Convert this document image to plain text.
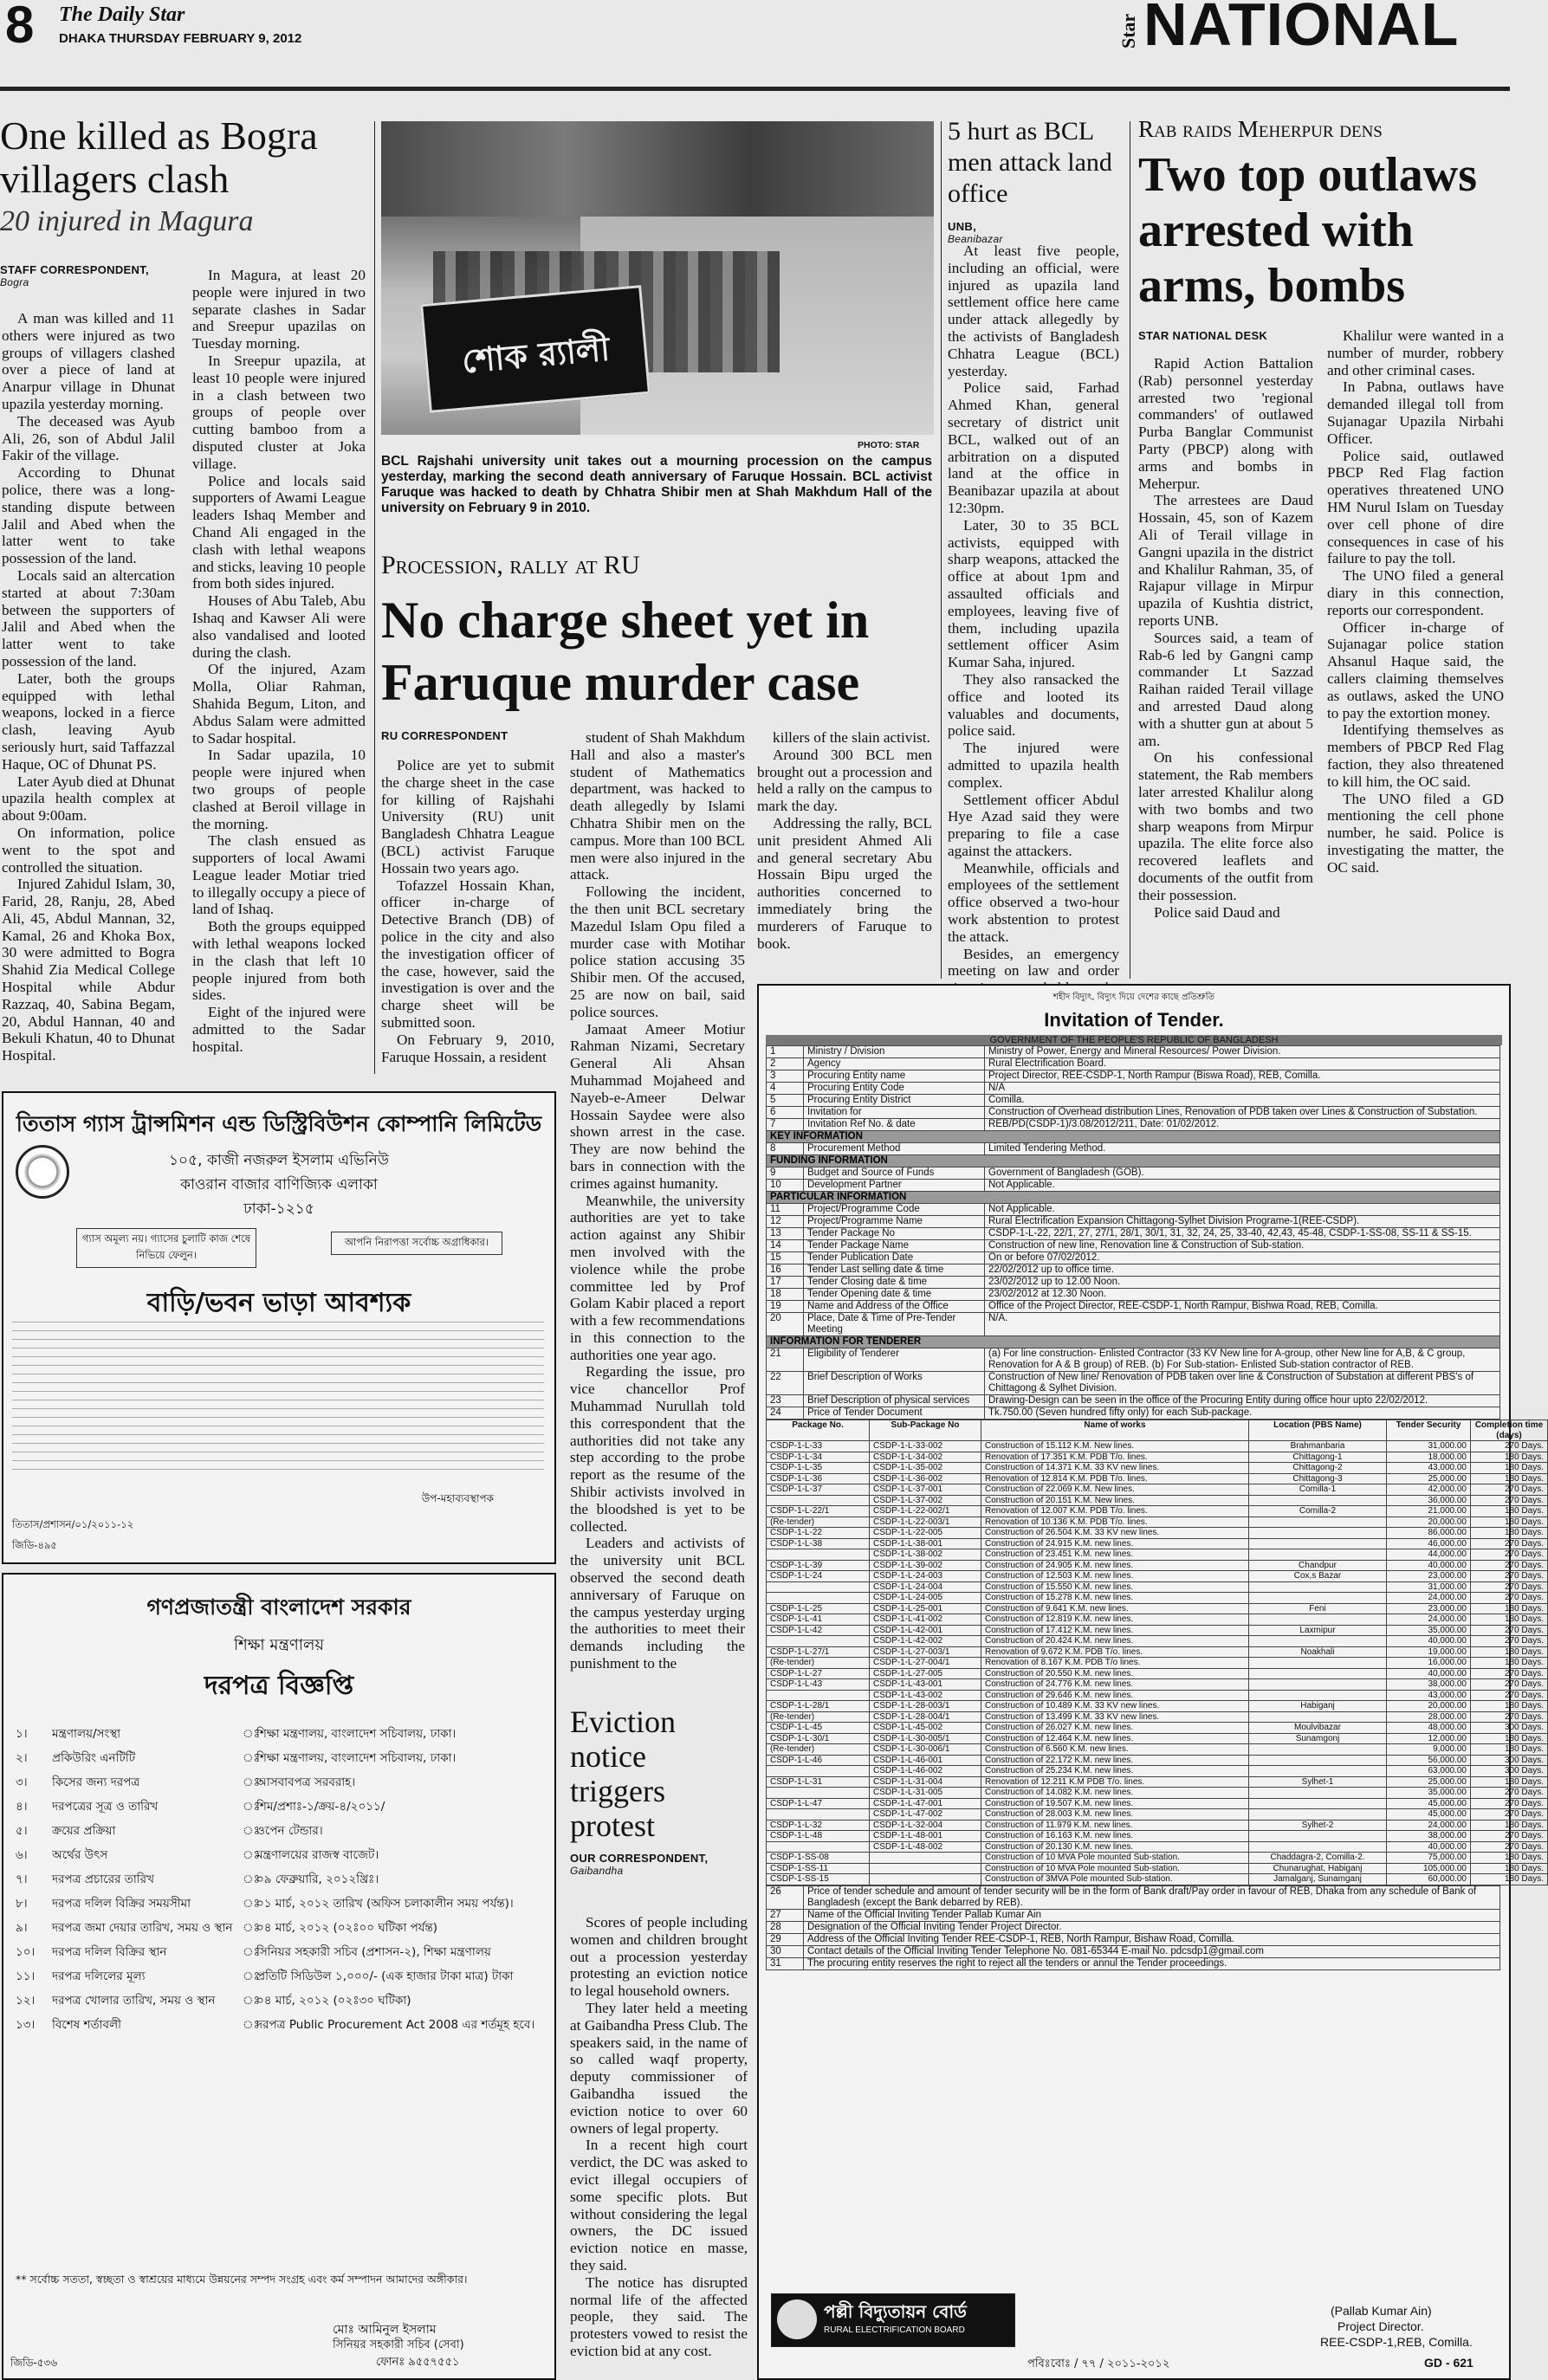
8 The Daily Star
DHAKA THURSDAY FEBRUARY 9, 2012	Star NATIONAL
One killed as Bogra villagers clash
20 injured in Magura
STAFF CORRESPONDENT,
Bogra

A man was killed and 11 others were injured as two groups of villagers clashed over a piece of land at Anarpur village in Dhunat upazila yesterday morning.

The deceased was Ayub Ali, 26, son of Abdul Jalil Fakir of the village.

According to Dhunat police, there was a long-standing dispute between Jalil and Abed when the latter went to take possession of the land.

Locals said an altercation started at about 7:30am between the supporters of Jalil and Abed when the latter went to take possession of the land.

Later, both the groups equipped with lethal weapons, locked in a fierce clash, leaving Ayub seriously hurt, said Taffazzal Haque, OC of Dhunat PS.

Later Ayub died at Dhunat upazila health complex at about 9:00am.

On information, police went to the spot and controlled the situation.

Injured Zahidul Islam, 30, Farid, 28, Ranju, 28, Abed Ali, 45, Abdul Mannan, 32, Kamal, 26 and Khoka Box, 30 were admitted to Bogra Shahid Zia Medical College Hospital while Abdur Razzaq, 40, Sabina Begam, 20, Abdul Hannan, 40 and Bekuli Khatun, 40 to Dhunat Hospital.

In Magura, at least 20 people were injured in two separate clashes in Sadar and Sreepur upazilas on Tuesday morning.

In Sreepur upazila, at least 10 people were injured in a clash between two groups of people over cutting bamboo from a disputed cluster at Joka village.

Police and locals said supporters of Awami League leaders Ishaq Member and Chand Ali engaged in the clash with lethal weapons and sticks, leaving 10 people from both sides injured.

Houses of Abu Taleb, Abu Ishaq and Kawser Ali were also vandalised and looted during the clash.

Of the injured, Azam Molla, Oliar Rahman, Shahida Begum, Liton, and Abdus Salam were admitted to Sadar hospital.

In Sadar upazila, 10 people were injured when two groups of people clashed at Beroil village in the morning.

The clash ensued as supporters of local Awami League leader Motiar tried to illegally occupy a piece of land of Ishaq.

Both the groups equipped with lethal weapons locked in the clash that left 10 people injured from both sides.

Eight of the injured were admitted to the Sadar hospital.

শোক র‍্যালী
PHOTO: STAR
BCL Rajshahi university unit takes out a mourning procession on the campus yesterday, marking the second death anniversary of Faruque Hossain. BCL activist Faruque was hacked to death by Chhatra Shibir men at Shah Makhdum Hall of the university on February 9 in 2010.
Procession, rally at RU
No charge sheet yet in Faruque murder case
RU CORRESPONDENT

Police are yet to submit the charge sheet in the case for killing of Rajshahi University (RU) unit Bangladesh Chhatra League (BCL) activist Faruque Hossain two years ago.

Tofazzel Hossain Khan, officer in-charge of Detective Branch (DB) of police in the city and also the investigation officer of the case, however, said the investigation is over and the charge sheet will be submitted soon.

On February 9, 2010, Faruque Hossain, a resident

student of Shah Makhdum Hall and also a master's student of Mathematics department, was hacked to death allegedly by Islami Chhatra Shibir men on the campus. More than 100 BCL men were also injured in the attack.

Following the incident, the then unit BCL secretary Mazedul Islam Opu filed a murder case with Motihar police station accusing 35 Shibir men. Of the accused, 25 are now on bail, said police sources.

Jamaat Ameer Motiur Rahman Nizami, Secretary General Ali Ahsan Muhammad Mojaheed and Nayeb-e-Ameer Delwar Hossain Saydee were also shown arrest in the case. They are now behind the bars in connection with the crimes against humanity.

Meanwhile, the university authorities are yet to take action against any Shibir men involved with the violence while the probe committee led by Prof Golam Kabir placed a report with a few recommendations in this connection to the authorities one year ago.

Regarding the issue, pro vice chancellor Prof Muhammad Nurullah told this correspondent that the authorities did not take any step according to the probe report as the resume of the Shibir activists involved in the bloodshed is yet to be collected.

Leaders and activists of the university unit BCL observed the second death anniversary of Faruque on the campus yesterday urging the authorities to meet their demands including the punishment to the

killers of the slain activist.

Around 300 BCL men brought out a procession and held a rally on the campus to mark the day.

Addressing the rally, BCL unit president Ahmed Ali and general secretary Abu Hossain Bipu urged the authorities concerned to immediately bring the murderers of Faruque to book.

5 hurt as BCL men attack land office
UNB,
Beanibazar

At least five people, including an official, were injured as upazila land settlement office here came under attack allegedly by the activists of Bangladesh Chhatra League (BCL) yesterday.

Police said, Farhad Ahmed Khan, general secretary of district unit BCL, walked out of an arbitration on a disputed land at the office in Beanibazar upazila at about 12:30pm.

Later, 30 to 35 BCL activists, equipped with sharp weapons, attacked the office at about 1pm and assaulted officials and employees, leaving five of them, including upazila settlement officer Asim Kumar Saha, injured.

They also ransacked the office and looted its valuables and documents, police said.

The injured were admitted to upazila health complex.

Settlement officer Abdul Hye Azad said they were preparing to file a case against the attackers.

Meanwhile, officials and employees of the settlement office observed a two-hour work abstention to protest the attack.

Besides, an emergency meeting on law and order

Rab raids Meherpur dens
Two top outlaws arrested with arms, bombs
STAR NATIONAL DESK

Rapid Action Battalion (Rab) personnel yesterday arrested two 'regional commanders' of outlawed Purba Banglar Communist Party (PBCP) along with arms and bombs in Meherpur.

The arrestees are Daud Hossain, 45, son of Kazem Ali of Terail village in Gangni upazila in the district and Khalilur Rahman, 35, of Rajapur village in Mirpur upazila of Kushtia district, reports UNB.

Sources said, a team of Rab-6 led by Gangni camp commander Lt Sazzad Raihan raided Terail village and arrested Daud along with a shutter gun at about 5 am.

On his confessional statement, the Rab members later arrested Khalilur along with two bombs and two sharp weapons from Mirpur upazila. The elite force also recovered leaflets and documents of the outfit from their possession.

Police said Daud and

Khalilur were wanted in a number of murder, robbery and other criminal cases.

In Pabna, outlaws have demanded illegal toll from Sujanagar Upazila Nirbahi Officer.

Police said, outlawed PBCP Red Flag faction operatives threatened UNO HM Nurul Islam on Tuesday over cell phone of dire consequences in case of his failure to pay the toll.

The UNO filed a general diary in this connection, reports our correspondent.

Officer in-charge of Sujanagar police station Ahsanul Haque said, the callers claiming themselves as outlaws, asked the UNO to pay the extortion money.

Identifying themselves as members of PBCP Red Flag faction, they also threatened to kill him, the OC said.

The UNO filed a GD mentioning the cell phone number, he said. Police is investigating the matter, the OC said.

Eviction notice triggers protest
OUR CORRESPONDENT,
Gaibandha

Scores of people including women and children brought out a procession yesterday protesting an eviction notice to legal household owners.

They later held a meeting at Gaibandha Press Club. The speakers said, in the name of so called waqf property, deputy commissioner of Gaibandha issued the eviction notice to over 60 owners of legal property.

In a recent high court verdict, the DC was asked to evict illegal occupiers of some specific plots. But without considering the legal owners, the DC issued eviction notice en masse, they said.

The notice has disrupted normal life of the affected people, they said. The protesters vowed to resist the eviction bid at any cost.

তিতাস গ্যাস ট্রান্সমিশন এন্ড ডিস্ট্রিবিউশন কোম্পানি লিমিটেড
১০৫, কাজী নজরুল ইসলাম এভিনিউ
কাওরান বাজার বাণিজ্যিক এলাকা
ঢাকা-১২১৫
গ্যাস অমূল্য নয়। গ্যাসের চুলাটি কাজ শেষে নিভিয়ে ফেলুন।
আপনি নিরাপত্তা সর্বোচ্চ অগ্রাধিকার।
বাড়ি/ভবন ভাড়া আবশ্যক
উপ-মহাব্যবস্থাপক
তিতাস/প্রশাসন/০১/২০১১-১২
জিডি-৪৯৫
গণপ্রজাতন্ত্রী বাংলাদেশ সরকার
শিক্ষা মন্ত্রণালয়
দরপত্র বিজ্ঞপ্তি
১।	মন্ত্রণালয়/সংস্থা	ঃ
শিক্ষা মন্ত্রণালয়, বাংলাদেশ সচিবালয়, ঢাকা।
২।	প্রকিউরিং এনটিটি	ঃ
শিক্ষা মন্ত্রণালয়, বাংলাদেশ সচিবালয়, ঢাকা।
৩।	কিসের জন্য দরপত্র	ঃ
আসবাবপত্র সরবরাহ।
৪।	দরপত্রের সূত্র ও তারিখ	ঃ
শিম/প্রশাঃ-১/ক্রয়-৪/২০১১/
৫।	ক্রয়ের প্রক্রিয়া	ঃ
ওপেন টেন্ডার।
৬।	অর্থের উৎস	ঃ
মন্ত্রণালয়ের রাজস্ব বাজেট।
৭।	দরপত্র প্রচারের তারিখ	ঃ
০৯ ফেব্রুয়ারি, ২০১২খ্রিঃ।
৮।	দরপত্র দলিল বিক্রির সময়সীমা	ঃ
০১ মার্চ, ২০১২ তারিখ (অফিস চলাকালীন সময় পর্যন্ত)।
৯।	দরপত্র জমা দেয়ার তারিখ, সময় ও স্থান ঃ
০৪ মার্চ, ২০১২ (০২ঃ০০ ঘটিকা পর্যন্ত)
১০।	দরপত্র দলিল বিক্রির স্থান	ঃ
সিনিয়র সহকারী সচিব (প্রশাসন-২), শিক্ষা মন্ত্রণালয়
১১।	দরপত্র দলিলের মূল্য	ঃ
প্রতিটি সিডিউল ১,০০০/- (এক হাজার টাকা মাত্র) টাকা
১২।	দরপত্র খোলার তারিখ, সময় ও স্থান	ঃ
০৪ মার্চ, ২০১২ (০২ঃ৩০ ঘটিকা)
১৩।	বিশেষ শর্তাবলী	ঃ
দরপত্র Public Procurement Act 2008 এর শর্তমূহ হবে।
** সর্বোচ্চ সততা, স্বচ্ছতা ও স্বাশ্রয়ের মাধ্যমে উন্নয়নের সম্পদ সংগ্রহ এবং কর্ম সম্পাদন আমাদের অঙ্গীকার।
মোঃ আমিনুল ইসলাম
সিনিয়র সহকারী সচিব (সেবা)
ফোনঃ ৯৫৫৭৫৫১
জিডি-৫৩৬
শহীদ বিদ্যুৎ, বিদ্যুৎ দিয়ে দেশের কাছে প্রতিশ্রুতি
Invitation of Tender.
GOVERNMENT OF THE PEOPLE'S REPUBLIC OF BANGLADESH
1	Ministry / Division	Ministry of Power, Energy and Mineral Resources/ Power Division.
2	Agency	Rural Electrification Board.
3	Procuring Entity name	Project Director, REE-CSDP-1, North Rampur (Biswa Road), REB, Comilla.
4	Procuring Entity Code	N/A
5	Procuring Entity District	Comilla.
6	Invitation for	Construction of Overhead distribution Lines, Renovation of PDB taken over Lines & Construction of Substation.
7	Invitation Ref No. & date	REB/PD(CSDP-1)/3.08/2012/211, Date: 01/02/2012.
KEY INFORMATION		
8	Procurement Method	Limited Tendering Method.
FUNDING INFORMATION		
9	Budget and Source of Funds	Government of Bangladesh (GOB).
10	Development Partner	Not Applicable.
PARTICULAR INFORMATION		
11	Project/Programme Code	Not Applicable.
12	Project/Programme Name	Rural Electrification Expansion Chittagong-Sylhet Division Programe-1(REE-CSDP).
13	Tender Package No	CSDP-1-L-22, 22/1, 27, 27/1, 28/1, 30/1, 31, 32, 24, 25, 33-40, 42,43, 45-48, CSDP-1-SS-08, SS-11 & SS-15.
14	Tender Package Name	Construction of new line, Renovation line & Construction of Sub-station.
15	Tender Publication Date	On or before 07/02/2012.
16	Tender Last selling date & time	22/02/2012 up to office time.
17	Tender Closing date & time	23/02/2012 up to 12.00 Noon.
18	Tender Opening date & time	23/02/2012 at 12.30 Noon.
19	Name and Address of the Office	Office of the Project Director, REE-CSDP-1, North Rampur, Bishwa Road, REB, Comilla.
20	Place, Date & Time of Pre-Tender Meeting	N/A.
INFORMATION FOR TENDERER		
21	Eligibility of Tenderer	(a) For line construction- Enlisted Contractor (33 KV New line for A-group, other New line for A,B, & C group, Renovation for A & B group) of REB. (b) For Sub-station- Enlisted Sub-station contractor of REB.
22	Brief Description of Works	Construction of New line/ Renovation of PDB taken over line & Construction of Substation at different PBS's of Chittagong & Sylhet Division.
23	Brief Description of physical services	Drawing-Design can be seen in the office of the Procuring Entity during office hour upto 22/02/2012.
24	Price of Tender Document	Tk.750.00 (Seven hundred fifty only) for each Sub-package.
Package No.	Sub-Package No	Name of works	Location (PBS Name)	Tender Security	Completion time (days)
CSDP-1-L-33	CSDP-1-L-33-002	Construction of 15.112 K.M. New lines.	Brahmanbaria	31,000.00	270 Days.
CSDP-1-L-34	CSDP-1-L-34-002	Renovation of 17.351 K.M. PDB T/o. lines.	Chittagong-1	18,000.00	180 Days.
CSDP-1-L-35	CSDP-1-L-35-002	Construction of 14.371 K.M. 33 KV new lines.	Chittagong-2	43,000.00	180 Days.
CSDP-1-L-36	CSDP-1-L-36-002	Renovation of 12.814 K.M. PDB T/o. lines.	Chittagong-3	25,000.00	180 Days.
CSDP-1-L-37	CSDP-1-L-37-001	Construction of 22.069 K.M. New lines.	Comilla-1	42,000.00	270 Days.
	CSDP-1-L-37-002	Construction of 20.151 K.M. New lines.		36,000.00	270 Days.
CSDP-1-L-22/1	CSDP-1-L-22-002/1	Renovation of 12.007 K.M. PDB T/o. lines.	Comilla-2	21,000.00	180 Days.
(Re-tender)	CSDP-1-L-22-003/1	Renovation of 10.136 K.M. PDB T/o. lines.		20,000.00	180 Days.
CSDP-1-L-22	CSDP-1-L-22-005	Construction of 26.504 K.M. 33 KV new lines.		86,000.00	180 Days.
CSDP-1-L-38	CSDP-1-L-38-001	Construction of 24.915 K.M. new lines.		46,000.00	270 Days.
	CSDP-1-L-38-002	Construction of 23.451 K.M. new lines.		44,000.00	270 Days.
CSDP-1-L-39	CSDP-1-L-39-002	Construction of 24.905 K.M. new lines.	Chandpur	40,000.00	270 Days.
CSDP-1-L-24	CSDP-1-L-24-003	Construction of 12.503 K.M. new lines.	Cox,s Bazar	23,000.00	270 Days.
	CSDP-1-L-24-004	Construction of 15.550 K.M. new lines.		31,000.00	270 Days.
	CSDP-1-L-24-005	Construction of 15.278 K.M. new lines.		24,000.00	270 Days.
CSDP-1-L-25	CSDP-1-L-25-001	Construction of 9.641 K.M. new lines.	Feni	23,000.00	180 Days.
CSDP-1-L-41	CSDP-1-L-41-002	Construction of 12.819 K.M. new lines.		24,000.00	180 Days.
CSDP-1-L-42	CSDP-1-L-42-001	Construction of 17.412 K.M. new lines.	Laxmipur	35,000.00	270 Days.
	CSDP-1-L-42-002	Construction of 20.424 K.M. new lines.		40,000.00	270 Days.
CSDP-1-L-27/1	CSDP-1-L-27-003/1	Renovation of 9.672 K.M. PDB T/o. lines.	Noakhali	19,000.00	180 Days.
(Re-tender)	CSDP-1-L-27-004/1	Renovation of 8.167 K.M. PDB T/o lines.		16,000.00	180 Days.
CSDP-1-L-27	CSDP-1-L-27-005	Construction of 20.550 K.M. new lines.		40,000.00	270 Days.
CSDP-1-L-43	CSDP-1-L-43-001	Construction of 24.776 K.M. new lines.		38,000.00	270 Days.
	CSDP-1-L-43-002	Construction of 29.646 K.M. new lines.		43,000.00	270 Days.
CSDP-1-L-28/1	CSDP-1-L-28-003/1	Construction of 10.489 K.M. 33 KV new lines.	Habiganj	20,000.00	180 Days.
(Re-tender)	CSDP-1-L-28-004/1	Construction of 13.499 K.M. 33 KV new lines.		28,000.00	270 Days.
CSDP-1-L-45	CSDP-1-L-45-002	Construction of 26.027 K.M. new lines.	Moulvibazar	48,000.00	300 Days.
CSDP-1-L-30/1	CSDP-1-L-30-005/1	Construction of 12.464 K.M. new lines.	Sunamgonj	12,000.00	180 Days.
(Re-tender)	CSDP-1-L-30-006/1	Construction of 6.560 K.M. new lines.		9,000.00	180 Days.
CSDP-1-L-46	CSDP-1-L-46-001	Construction of 22.172 K.M. new lines.		56,000.00	300 Days.
	CSDP-1-L-46-002	Construction of 25.234 K.M. new lines.		63,000.00	300 Days.
CSDP-1-L-31	CSDP-1-L-31-004	Renovation of 12.211 K.M PDB T/o. lines.	Sylhet-1	25,000.00	180 Days.
	CSDP-1-L-31-005	Construction of 14.082 K.M. new lines.		35,000.00	270 Days.
CSDP-1-L-47	CSDP-1-L-47-001	Construction of 19.507 K.M. new lines.		45,000.00	270 Days.
	CSDP-1-L-47-002	Construction of 28.003 K.M. new lines.		45,000.00	270 Days.
CSDP-1-L-32	CSDP-1-L-32-004	Construction of 11.979 K.M. new lines.	Sylhet-2	24,000.00	180 Days.
CSDP-1-L-48	CSDP-1-L-48-001	Construction of 16.163 K.M. new lines.		38,000.00	270 Days.
	CSDP-1-L-48-002	Construction of 20.130 K.M. new lines.		40,000.00	270 Days.
CSDP-1-SS-08		Construction of 10 MVA Pole mounted Sub-station.	Chaddagra-2, Comilla-2.	75,000.00	180 Days.
CSDP-1-SS-11		Construction of 10 MVA Pole mounted Sub-station.	Chunarughat, Habiganj	105,000.00	180 Days.
CSDP-1-SS-15		Construction of 3MVA Pole mounted Sub-station.	Jamalganj, Sunamganj	60,000.00	180 Days.
26	Price of tender schedule and amount of tender security will be in the form of Bank draft/Pay order in favour of REB, Dhaka from any schedule of Bank of Bangladesh (except the Bank debarred by REB).
27	Name of the Official Inviting Tender Pallab Kumar Ain
28	Designation of the Official Inviting Tender Project Director.
29	Address of the Official Inviting Tender REE-CSDP-1, REB, North Rampur, Bishaw Road, Comilla.
30	Contact details of the Official Inviting Tender Telephone No. 081-65344 E-mail No. pdcsdp1@gmail.com
31	The procuring entity reserves the right to reject all the tenders or annul the Tender proceedings.
পল্লী বিদ্যুতায়ন বোর্ড
RURAL ELECTRIFICATION BOARD
পবিঃবোঃ / ৭৭ / ২০১১-২০১২
(Pallab Kumar Ain)
Project Director.
REE-CSDP-1,REB, Comilla.
GD - 621
